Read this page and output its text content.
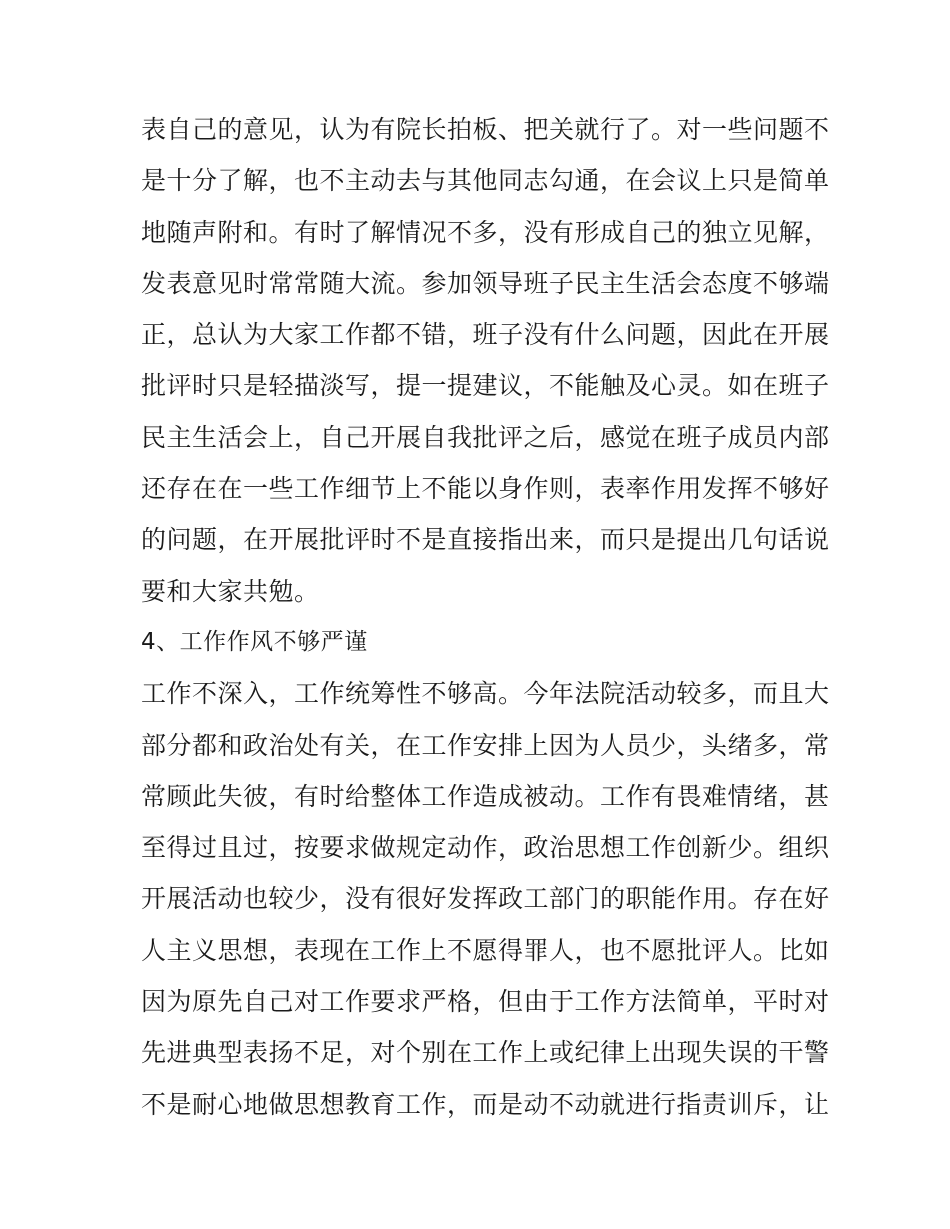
表自己的意见，认为有院长拍板、把关就行了。对一些问题不
是十分了解，也不主动去与其他同志勾通，在会议上只是简单
地随声附和。有时了解情况不多，没有形成自己的独立见解，
发表意见时常常随大流。参加领导班子民主生活会态度不够端
正，总认为大家工作都不错，班子没有什么问题，因此在开展
批评时只是轻描淡写，提一提建议，不能触及心灵。如在班子
民主生活会上，自己开展自我批评之后，感觉在班子成员内部
还存在在一些工作细节上不能以身作则，表率作用发挥不够好
的问题，在开展批评时不是直接指出来，而只是提出几句话说
要和大家共勉。
4、工作作风不够严谨
工作不深入，工作统筹性不够高。今年法院活动较多，而且大
部分都和政治处有关，在工作安排上因为人员少，头绪多，常
常顾此失彼，有时给整体工作造成被动。工作有畏难情绪，甚
至得过且过，按要求做规定动作，政治思想工作创新少。组织
开展活动也较少，没有很好发挥政工部门的职能作用。存在好
人主义思想，表现在工作上不愿得罪人，也不愿批评人。比如
因为原先自己对工作要求严格，但由于工作方法简单，平时对
先进典型表扬不足，对个别在工作上或纪律上出现失误的干警
不是耐心地做思想教育工作，而是动不动就进行指责训斥，让
